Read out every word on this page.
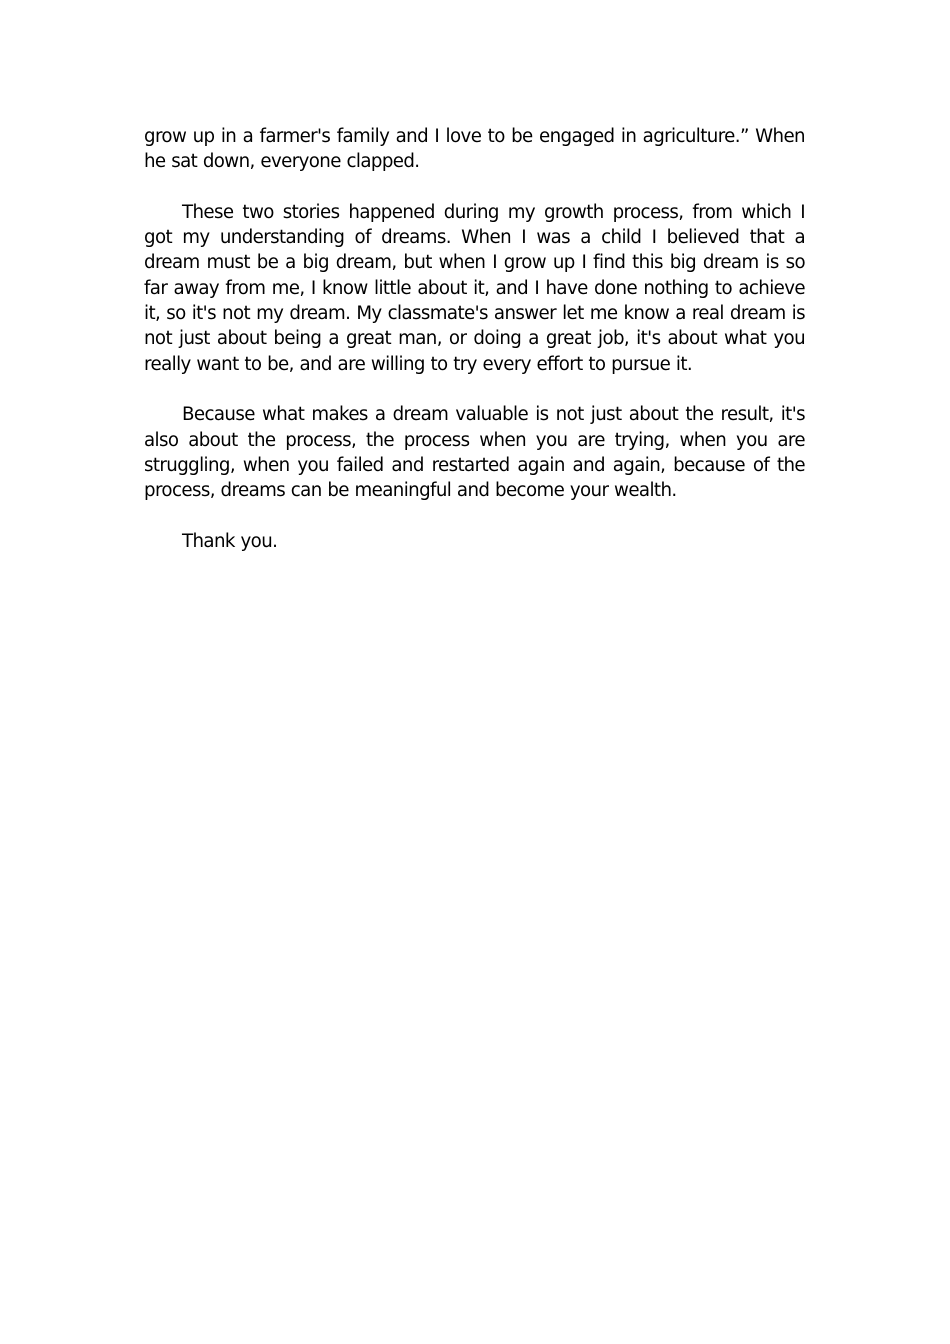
grow up in a farmer's family and I love to be engaged in agriculture.” When he sat down, everyone clapped.

These two stories happened during my growth process, from which I got my understanding of dreams. When I was a child I believed that a dream must be a big dream, but when I grow up I find this big dream is so far away from me, I know little about it, and I have done nothing to achieve it, so it's not my dream. My classmate's answer let me know a real dream is not just about being a great man, or doing a great job, it's about what you really want to be, and are willing to try every effort to pursue it.

Because what makes a dream valuable is not just about the result, it's also about the process, the process when you are trying, when you are struggling, when you failed and restarted again and again, because of the process, dreams can be meaningful and become your wealth.

Thank you.
